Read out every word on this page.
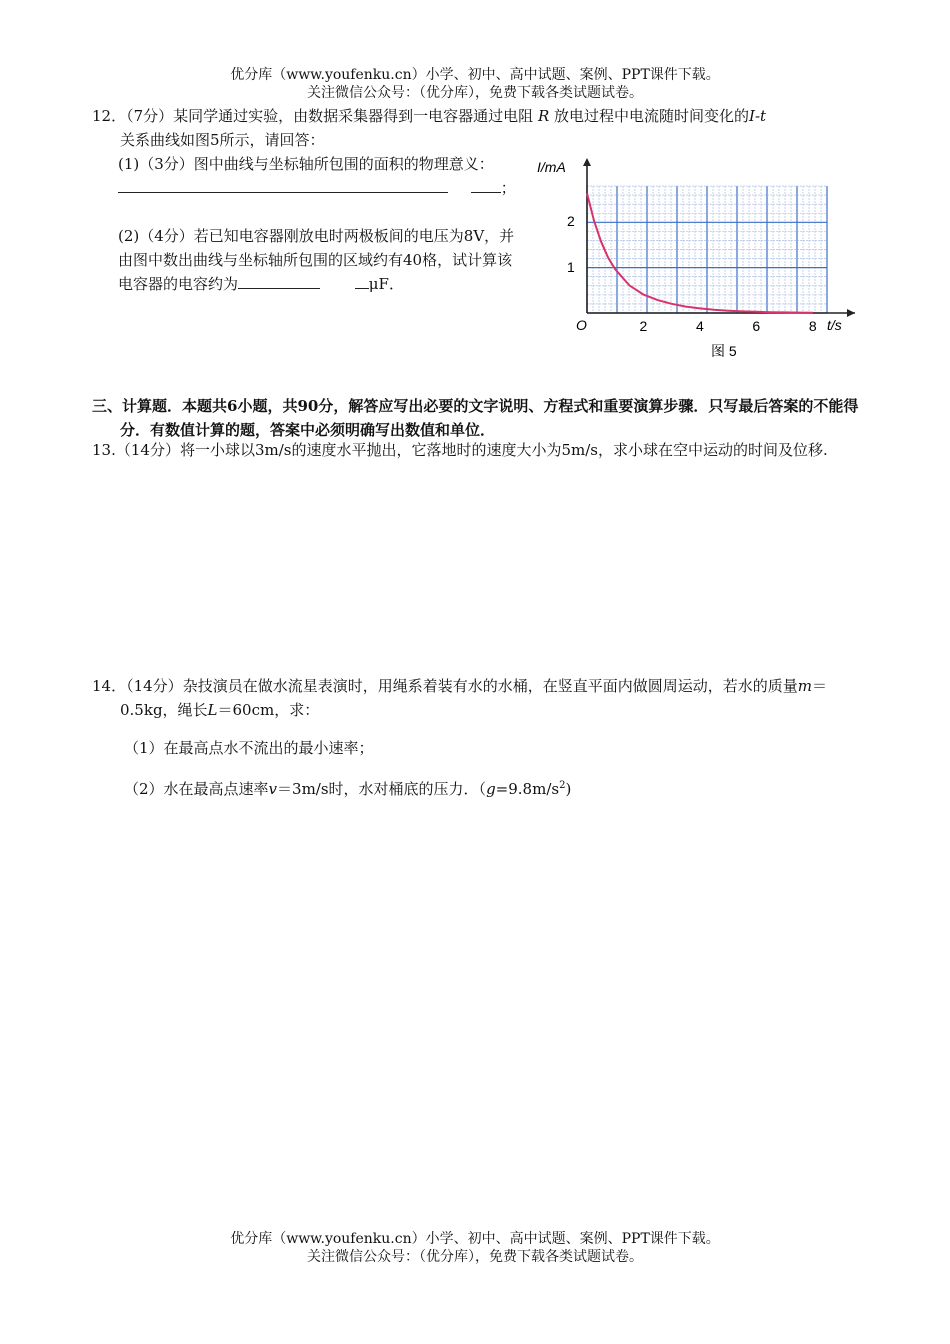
优分库（www.youfenku.cn）小学、初中、高中试题、案例、PPT课件下载。
关注微信公众号：（优分库），免费下载各类试题试卷。
12．（7分）某同学通过实验，由数据采集器得到一电容器通过电阻 R 放电过程中电流随时间变化的I-t
关系曲线如图5所示，请回答：
(1)（3分）图中曲线与坐标轴所包围的面积的物理意义：  ；
(2)（4分）若已知电容器刚放电时两极板间的电压为8V，并由图中数出曲线与坐标轴所包围的区域约有40格，试计算该电容器的电容约为	μF．
2	4	6	8
1
2
I/mA
t/s
O
图 5
三、计算题．本题共6小题，共90分，解答应写出必要的文字说明、方程式和重要演算步骤．只写最后答案的不能得分．有数值计算的题，答案中必须明确写出数值和单位．
13.（14分）将一小球以3m/s的速度水平抛出，它落地时的速度大小为5m/s，求小球在空中运动的时间及位移.
14．（14分）杂技演员在做水流星表演时，用绳系着装有水的水桶，在竖直平面内做圆周运动，若水的质量m＝0.5kg，绳长L＝60cm，求：
（1）在最高点水不流出的最小速率；
（2）水在最高点速率v＝3m/s时，水对桶底的压力．$(g=9.8m/s^2)$
优分库（www.youfenku.cn）小学、初中、高中试题、案例、PPT课件下载。
关注微信公众号：（优分库），免费下载各类试题试卷。
